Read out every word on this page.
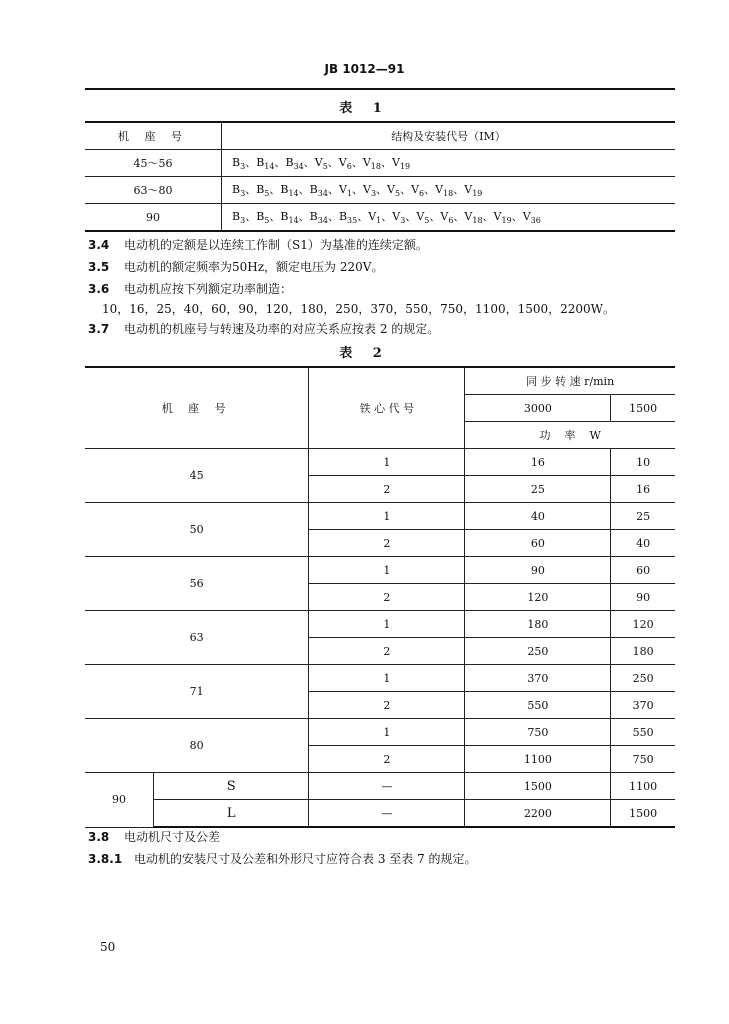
JB 1012—91
表 1
机 座 号	结构及安装代号（IM）
45～56	$B_3$、$B_{14}$、$B_{34}$、$V_5$、$V_6$、$V_{18}$、$V_{19}$
63～80	$B_3$、$B_5$、$B_{14}$、$B_{34}$、$V_1$、$V_3$、$V_5$、$V_6$、$V_{18}$、$V_{19}$
90	$B_3$、$B_5$、$B_{14}$、$B_{34}$、$B_{35}$、$V_1$、$V_3$、$V_5$、$V_6$、$V_{18}$、$V_{19}$、$V_{36}$
3.4 电动机的定额是以连续工作制（S1）为基准的连续定额。
3.5 电动机的额定频率为50Hz，额定电压为 220V。
3.6 电动机应按下列额定功率制造：
10，16，25，40，60，90，120，180，250，370，550，750，1100，1500，2200W。
3.7 电动机的机座号与转速及功率的对应关系应按表 2 的规定。
表 2
机 座 号		铁 心 代 号	同 步 转 速 r/min	
			3000	1500
			功    率    W	
45		1	16	10
		2	25	16
50		1	40	25
		2	60	40
56		1	90	60
		2	120	90
63		1	180	120
		2	250	180
71		1	370	250
		2	550	370
80		1	750	550
		2	1100	750
90	S	—	1500	1100
	L	—	2200	1500
3.8 电动机尺寸及公差
3.8.1 电动机的安装尺寸及公差和外形尺寸应符合表 3 至表 7 的规定。
50
